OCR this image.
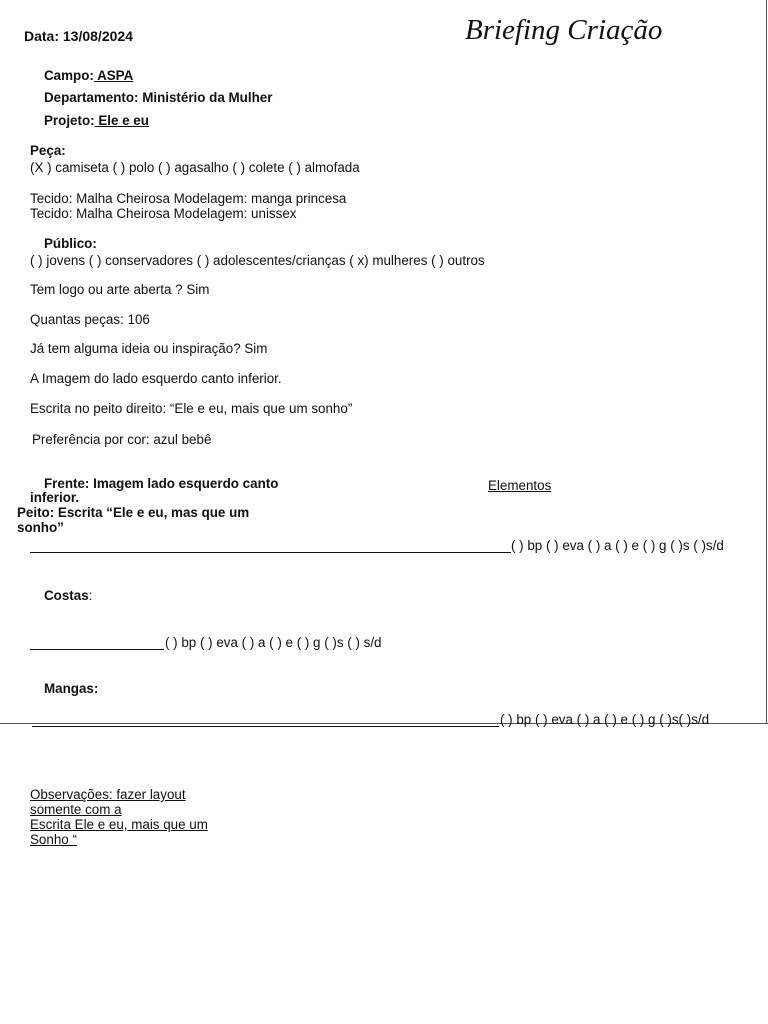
Data: 13/08/2024	Briefing Criação
Campo: ASPA
Departamento: Ministério da Mulher
Projeto: Ele e eu
Peça:
(X ) camiseta ( ) polo ( ) agasalho ( ) colete ( ) almofada
Tecido: Malha Cheirosa Modelagem: manga princesa
Tecido: Malha Cheirosa Modelagem: unissex
Público:
( ) jovens ( ) conservadores ( ) adolescentes/crianças ( x) mulheres ( ) outros
Tem logo ou arte aberta ? Sim
Quantas peças: 106
Já tem alguma ideia ou inspiração? Sim
A Imagem do lado esquerdo canto inferior.
Escrita no peito direito: “Ele e eu, mais que um sonho”
Preferência por cor: azul bebê
Frente: Imagem lado esquerdo canto
inferior.
Peito: Escrita “Ele e eu, mas que um
sonho”
Elementos
( ) bp ( ) eva ( ) a ( ) e ( ) g ( )s ( )s/d
Costas:
( ) bp ( ) eva ( ) a ( ) e ( ) g ( )s ( ) s/d
Mangas:
( ) bp ( ) eva ( ) a ( ) e ( ) g ( )s( )s/d
Observações: fazer layout
somente com a
Escrita Ele e eu, mais que um
Sonho “
